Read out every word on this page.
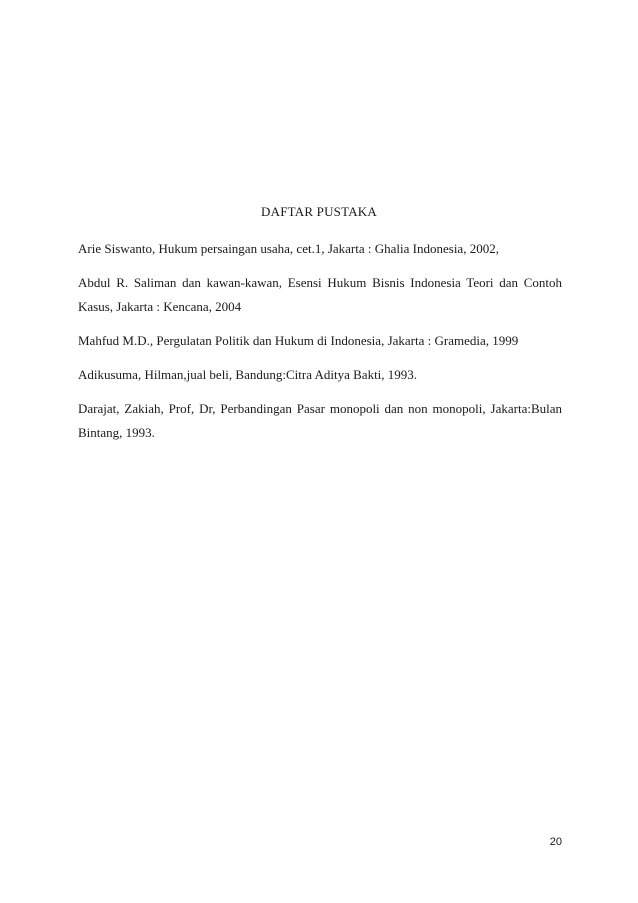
DAFTAR PUSTAKA

Arie Siswanto, Hukum persaingan usaha, cet.1, Jakarta : Ghalia Indonesia, 2002,

Abdul R. Saliman dan kawan-kawan, Esensi Hukum Bisnis Indonesia Teori dan Contoh Kasus, Jakarta : Kencana, 2004

Mahfud M.D., Pergulatan Politik dan Hukum di Indonesia, Jakarta : Gramedia, 1999

Adikusuma, Hilman,jual beli, Bandung:Citra Aditya Bakti, 1993.

Darajat, Zakiah, Prof, Dr, Perbandingan Pasar monopoli dan non monopoli, Jakarta:Bulan Bintang, 1993.

20
